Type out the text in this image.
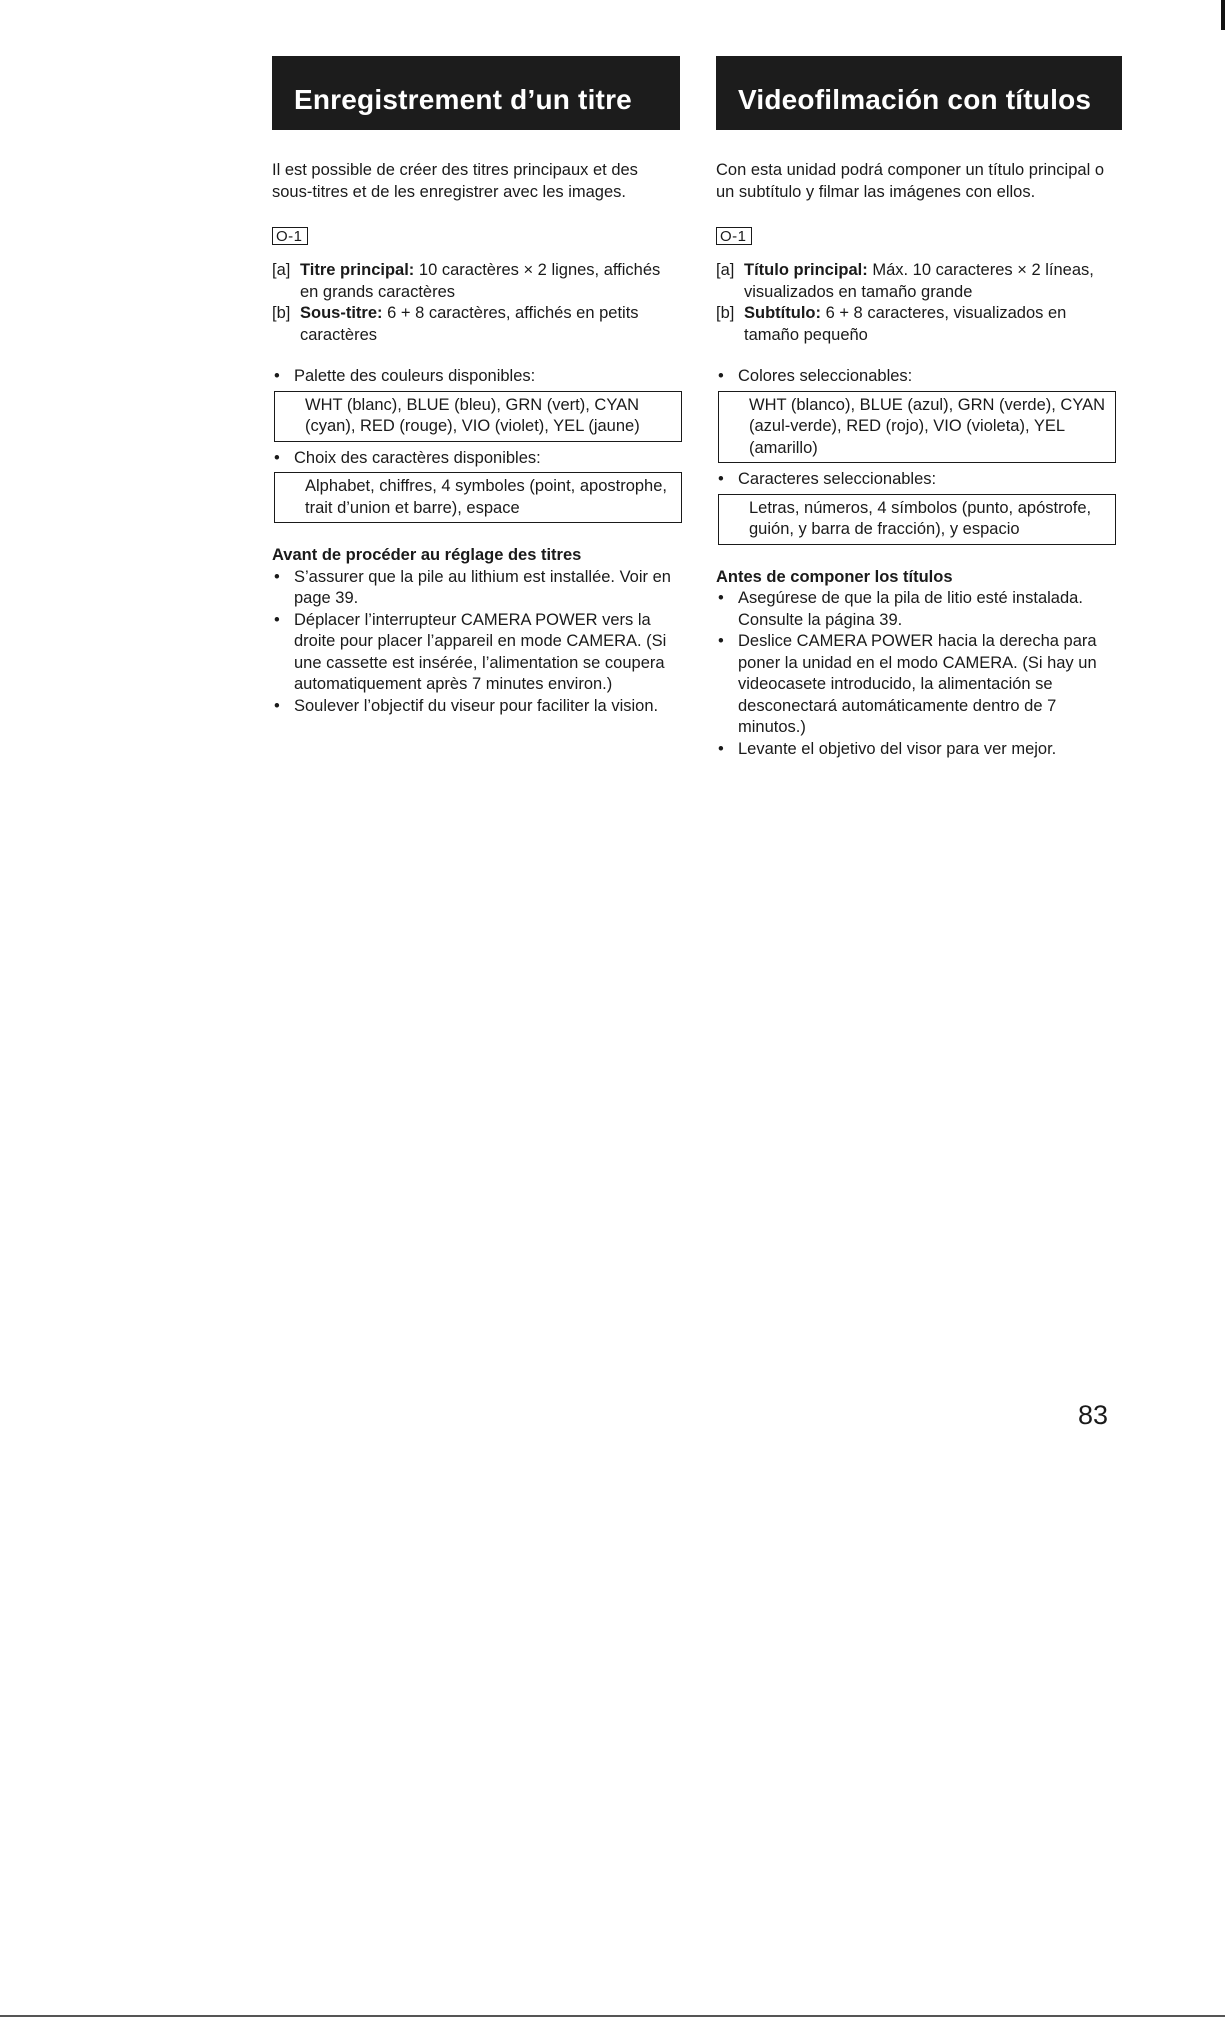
Enregistrement d’un titre

Il est possible de créer des titres principaux et des sous-titres et de les enregistrer avec les images.

O-1
[a] Titre principal: 10 caractères × 2 lignes, affichés en grands caractères
[b] Sous-titre: 6 + 8 caractères, affichés en petits caractères
• Palette des couleurs disponibles:
WHT (blanc), BLUE (bleu), GRN (vert), CYAN (cyan), RED (rouge), VIO (violet), YEL (jaune)
• Choix des caractères disponibles:
Alphabet, chiffres, 4 symboles (point, apostrophe, trait d’union et barre), espace
Avant de procéder au réglage des titres
• S’assurer que la pile au lithium est installée. Voir en page 39.
• Déplacer l’interrupteur CAMERA POWER vers la droite pour placer l’appareil en mode CAMERA. (Si une cassette est insérée, l’alimentation se coupera automatiquement après 7 minutes environ.)
• Soulever l’objectif du viseur pour faciliter la vision.
Videofilmación con títulos

Con esta unidad podrá componer un título principal o un subtítulo y filmar las imágenes con ellos.

O-1
[a] Título principal: Máx. 10 caracteres × 2 líneas, visualizados en tamaño grande
[b] Subtítulo: 6 + 8 caracteres, visualizados en tamaño pequeño
• Colores seleccionables:
WHT (blanco), BLUE (azul), GRN (verde), CYAN (azul-verde), RED (rojo), VIO (violeta), YEL (amarillo)
• Caracteres seleccionables:
Letras, números, 4 símbolos (punto, apóstrofe, guión, y barra de fracción), y espacio
Antes de componer los títulos
• Asegúrese de que la pila de litio esté instalada. Consulte la página 39.
• Deslice CAMERA POWER hacia la derecha para poner la unidad en el modo CAMERA. (Si hay un videocasete introducido, la alimentación se desconectará automáticamente dentro de 7 minutos.)
• Levante el objetivo del visor para ver mejor.
83
